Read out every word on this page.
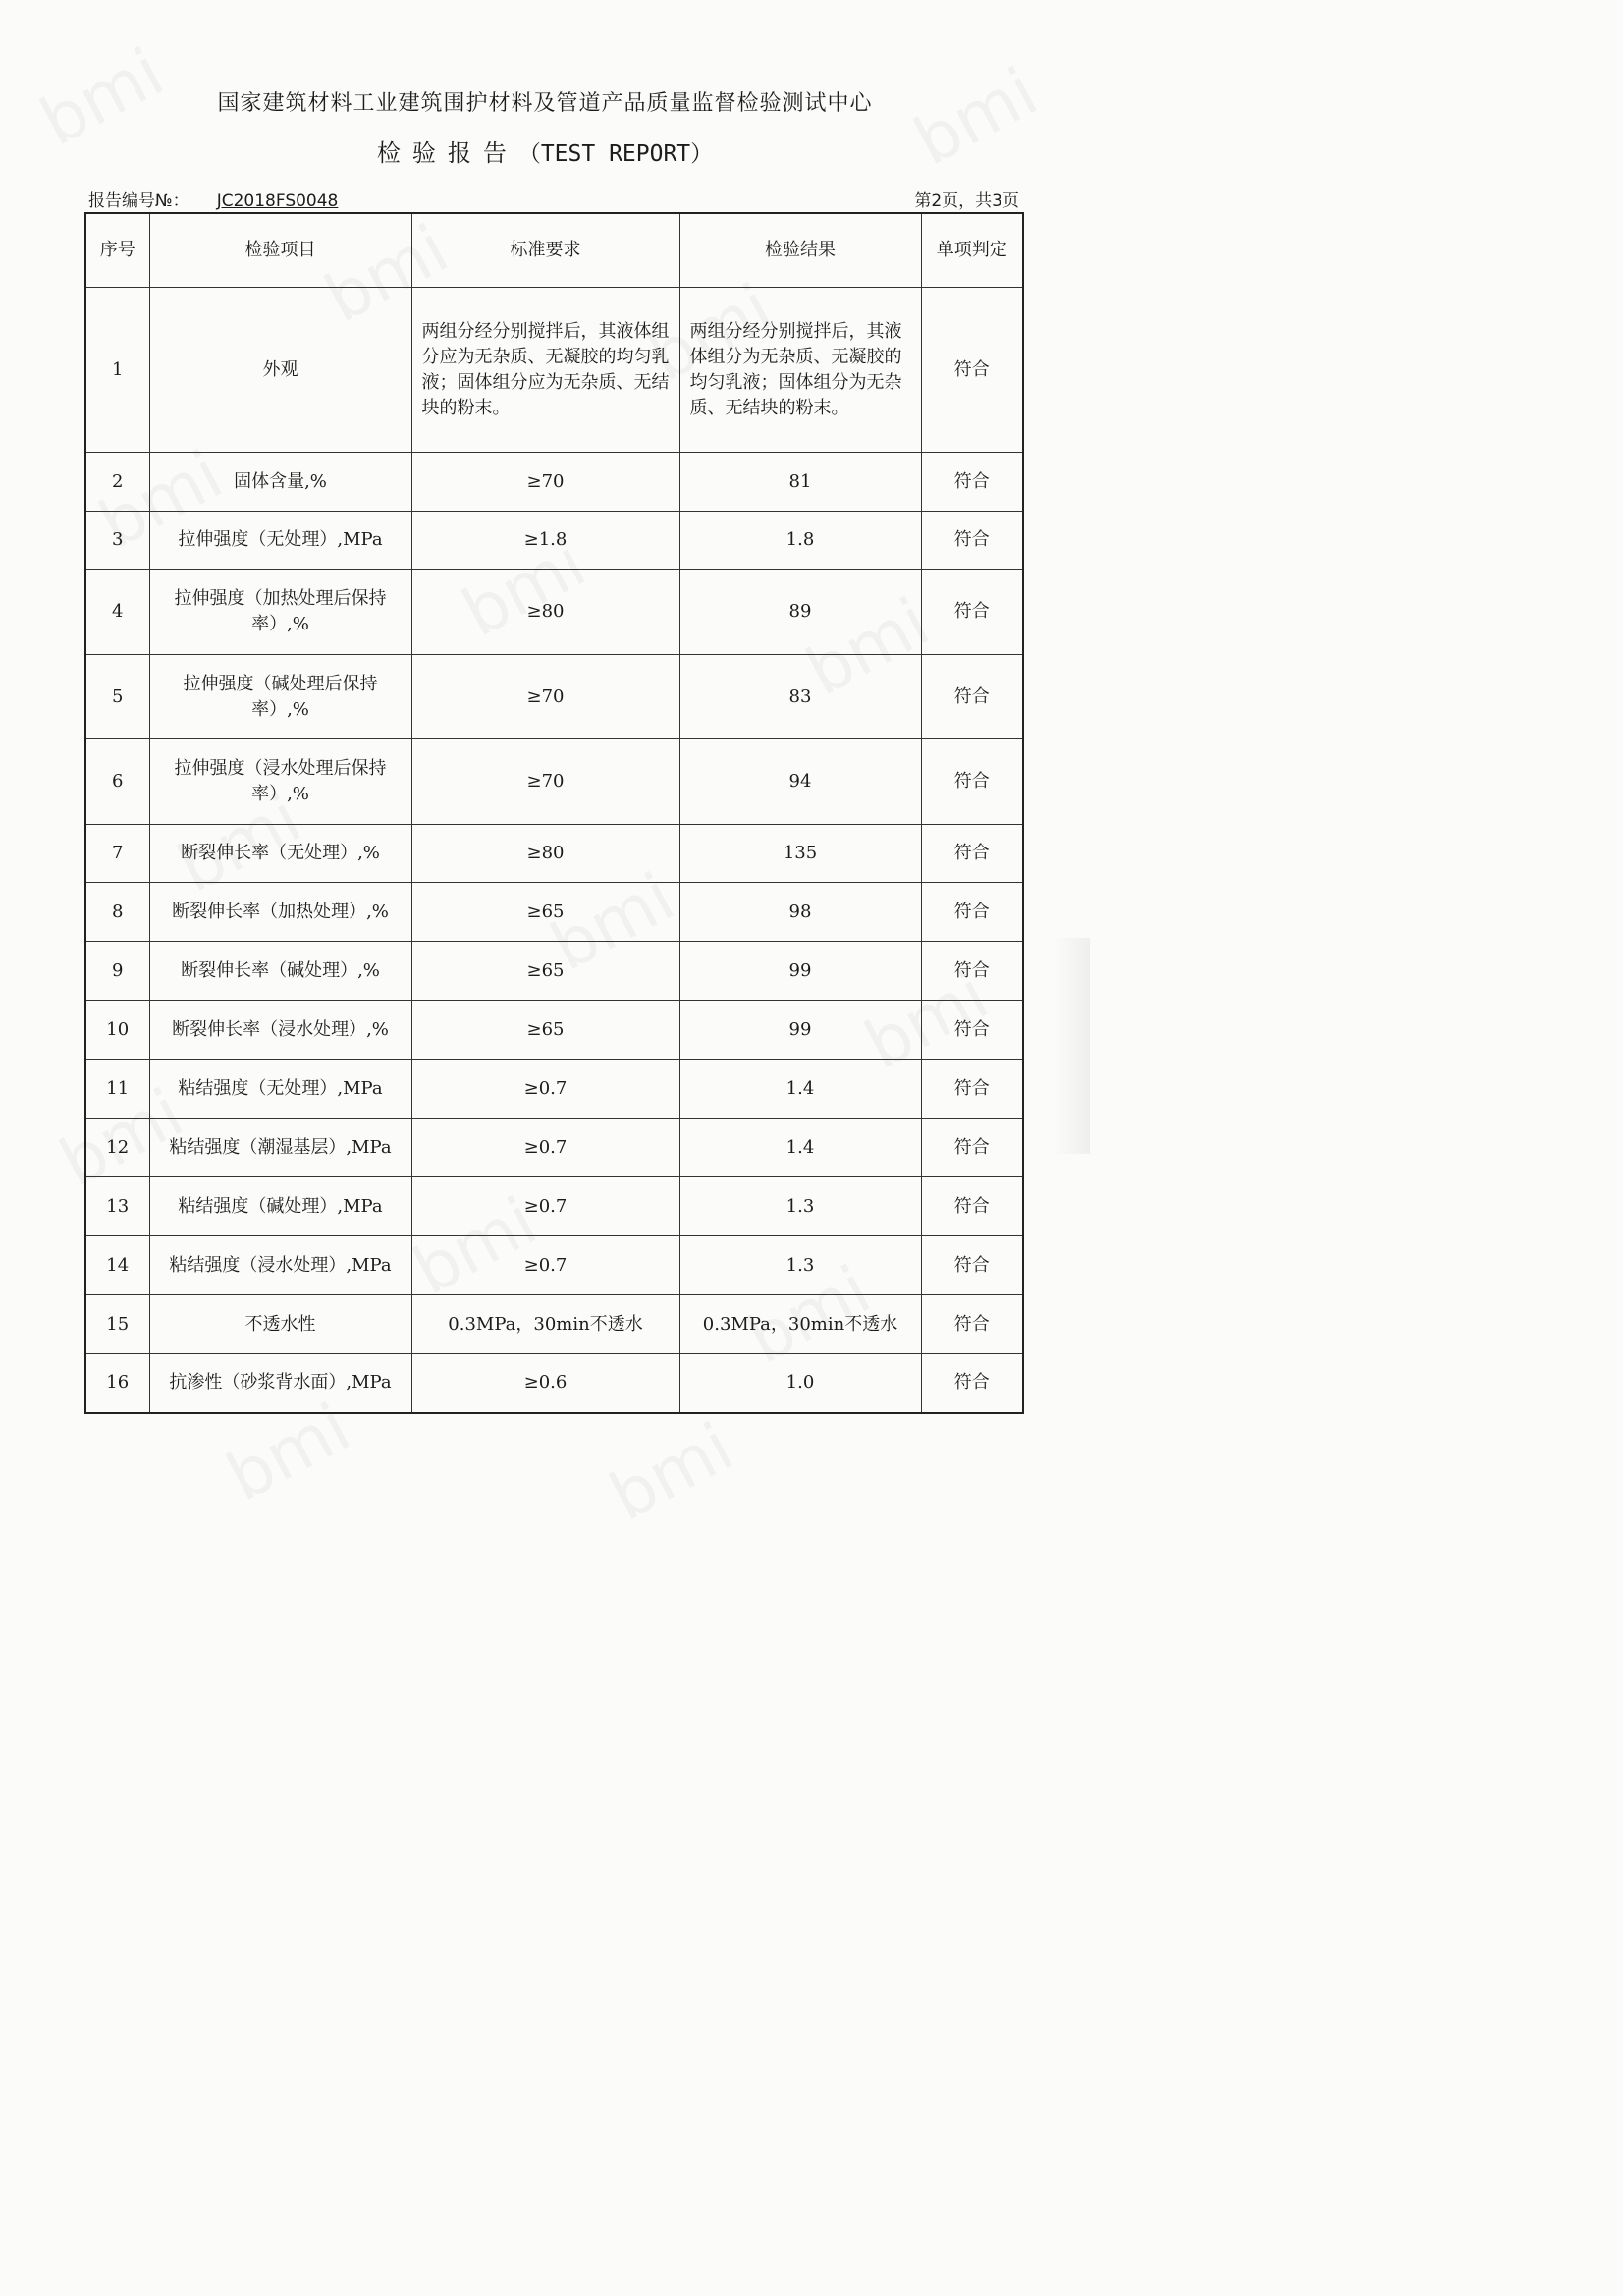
国家建筑材料工业建筑围护材料及管道产品质量监督检验测试中心
检验报告（TEST REPORT）
报告编号№： JC2018FS0048	第2页，共3页
序号	检验项目	标准要求	检验结果	单项判定
1	外观	两组分经分别搅拌后，其液体组分应为无杂质、无凝胶的均匀乳液；固体组分应为无杂质、无结块的粉末。	两组分经分别搅拌后，其液体组分为无杂质、无凝胶的均匀乳液；固体组分为无杂质、无结块的粉末。	符合
2	固体含量,%	≥70	81	符合
3	拉伸强度（无处理）,MPa	≥1.8	1.8	符合
4	拉伸强度（加热处理后保持率）,%	≥80	89	符合
5	拉伸强度（碱处理后保持率）,%	≥70	83	符合
6	拉伸强度（浸水处理后保持率）,%	≥70	94	符合
7	断裂伸长率（无处理）,%	≥80	135	符合
8	断裂伸长率（加热处理）,%	≥65	98	符合
9	断裂伸长率（碱处理）,%	≥65	99	符合
10	断裂伸长率（浸水处理）,%	≥65	99	符合
11	粘结强度（无处理）,MPa	≥0.7	1.4	符合
12	粘结强度（潮湿基层）,MPa	≥0.7	1.4	符合
13	粘结强度（碱处理）,MPa	≥0.7	1.3	符合
14	粘结强度（浸水处理）,MPa	≥0.7	1.3	符合
15	不透水性	0.3MPa，30min不透水	0.3MPa，30min不透水	符合
16	抗渗性（砂浆背水面）,MPa	≥0.6	1.0	符合
